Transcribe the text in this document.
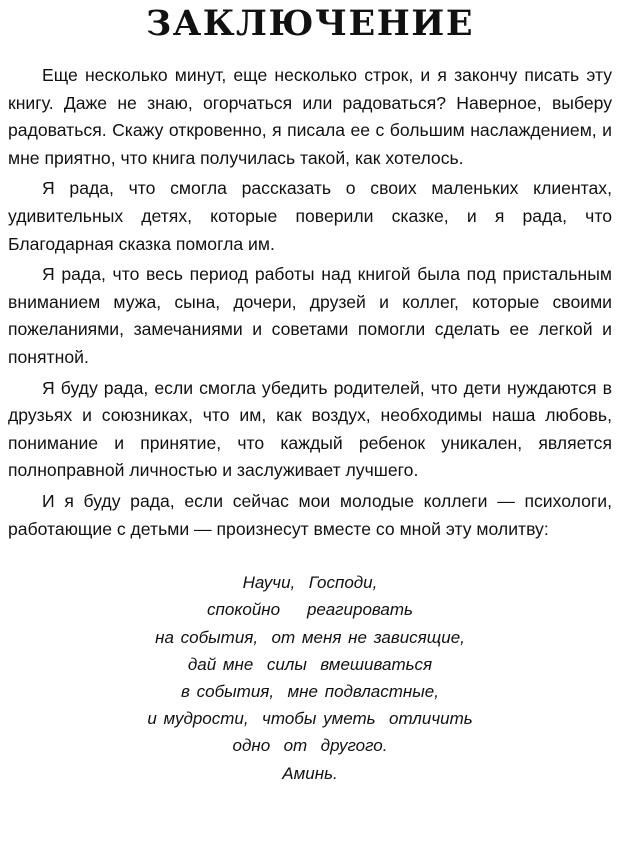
ЗАКЛЮЧЕНИЕ

Еще несколько минут, еще несколько строк, и я закончу писать эту книгу. Даже не знаю, огорчаться или радоваться? Наверное, выберу радоваться. Скажу откровенно, я писала ее с большим наслаждением, и мне приятно, что книга получилась такой, как хотелось.

Я рада, что смогла рассказать о своих маленьких клиентах, удивительных детях, которые поверили сказке, и я рада, что Благодарная сказка помогла им.

Я рада, что весь период работы над книгой была под пристальным вниманием мужа, сына, дочери, друзей и коллег, которые своими пожеланиями, замечаниями и советами помогли сделать ее легкой и понятной.

Я буду рада, если смогла убедить родителей, что дети нуждаются в друзьях и союзниках, что им, как воздух, необходимы наша любовь, понимание и принятие, что каждый ребенок уникален, является полноправной личностью и заслуживает лучшего.

И я буду рада, если сейчас мои молодые коллеги — психологи, работающие с детьми — произнесут вместе со мной эту молитву:

Научи,  Господи,
спокойно    реагировать
на события,  от меня не зависящие,
дай мне  силы  вмешиваться
в события,  мне подвластные,
и мудрости,  чтобы уметь  отличить
одно  от  другого.
Аминь.
